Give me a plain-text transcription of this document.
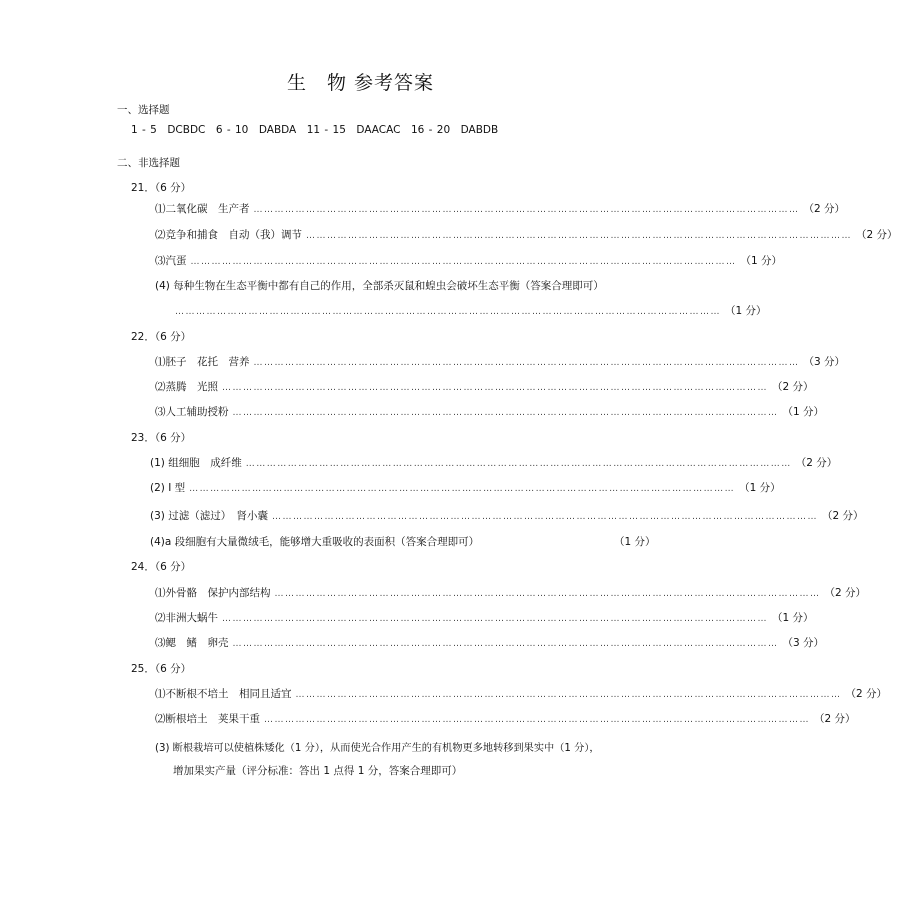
生　物 参考答案
一、选择题
1 - 5　DCBDC　6 - 10　DABDA　11 - 15　DAACAC　16 - 20　DABDB
二、非选择题
21．（6 分）
⑴二氧化碳　生产者 ………………………………………………………………………………………………………………………………………… （2 分）
⑵竞争和捕食　自动（我）调节 ………………………………………………………………………………………………………………………………………… （2 分）
⑶汽蛋 ………………………………………………………………………………………………………………………………………… （1 分）
(4) 每种生物在生态平衡中都有自己的作用，全部杀灭鼠和蝗虫会破坏生态平衡（答案合理即可）
………………………………………………………………………………………………………………………………………… （1 分）
22．（6 分）
⑴胚子　花托　营养 ………………………………………………………………………………………………………………………………………… （3 分）
⑵蒸腾　光照 ………………………………………………………………………………………………………………………………………… （2 分）
⑶人工辅助授粉 ………………………………………………………………………………………………………………………………………… （1 分）
23．（6 分）
(1) 组细胞　成纤维 ………………………………………………………………………………………………………………………………………… （2 分）
(2) Ⅰ 型 ………………………………………………………………………………………………………………………………………… （1 分）
(3) 过滤（滤过）　肾小囊 ………………………………………………………………………………………………………………………………………… （2 分）
(4)a 段细胞有大量微绒毛，能够增大重吸收的表面积（答案合理即可）	（1 分）
24．（6 分）
⑴外骨骼　保护内部结构 ………………………………………………………………………………………………………………………………………… （2 分）
⑵非洲大蜗牛 ………………………………………………………………………………………………………………………………………… （1 分）
⑶鳃　鳍　卵壳 ………………………………………………………………………………………………………………………………………… （3 分）
25．（6 分）
⑴不断根不培土　相同且适宜 ………………………………………………………………………………………………………………………………………… （2 分）
⑵断根培土　荚果干重 ………………………………………………………………………………………………………………………………………… （2 分）
(3) 断根栽培可以使植株矮化（1 分），从而使光合作用产生的有机物更多地转移到果实中（1 分），
增加果实产量（评分标准：答出 1 点得 1 分，答案合理即可）
